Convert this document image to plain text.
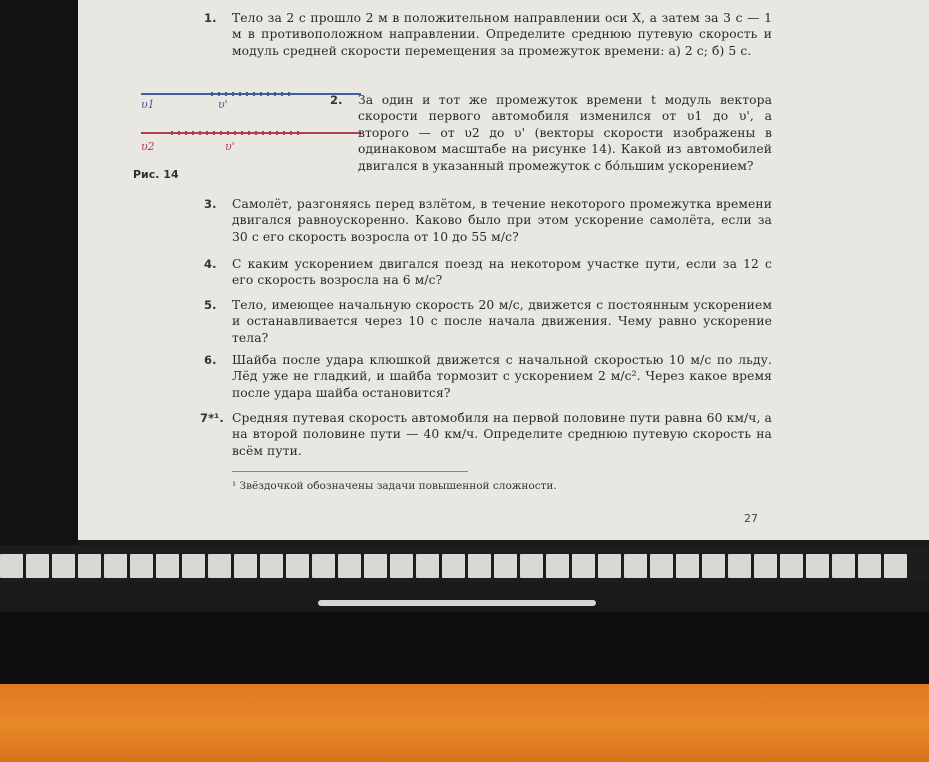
1. Тело за 2 с прошло 2 м в положительном направлении оси X, а затем за 3 с — 1 м в противоположном направлении. Определите среднюю путевую скорость и модуль средней скорости перемещения за промежуток времени: а) 2 с; б) 5 с.
υ1	υ'
υ2	υ'
Рис. 14
2. За один и тот же промежуток времени t модуль вектора скорости первого автомобиля изменился от υ1 до υ', а второго — от υ2 до υ' (векторы скорости изображены в одинаковом масштабе на рисунке 14). Какой из автомобилей двигался в указанный промежуток с бо́льшим ускорением?
3. Самолёт, разгоняясь перед взлётом, в течение некоторого промежутка времени двигался равноускоренно. Каково было при этом ускорение самолёта, если за 30 с его скорость возросла от 10 до 55 м/с?
4. С каким ускорением двигался поезд на некотором участке пути, если за 12 с его скорость возросла на 6 м/с?
5. Тело, имеющее начальную скорость 20 м/с, движется с постоянным ускорением и останавливается через 10 с после начала движения. Чему равно ускорение тела?
6. Шайба после удара клюшкой движется с начальной скоростью 10 м/с по льду. Лёд уже не гладкий, и шайба тормозит с ускорением 2 м/с². Через какое время после удара шайба остановится?
7*¹. Средняя путевая скорость автомобиля на первой половине пути равна 60 км/ч, а на второй половине пути — 40 км/ч. Определите среднюю путевую скорость на всём пути.
¹ Звёздочкой обозначены задачи повышенной сложности.
27
